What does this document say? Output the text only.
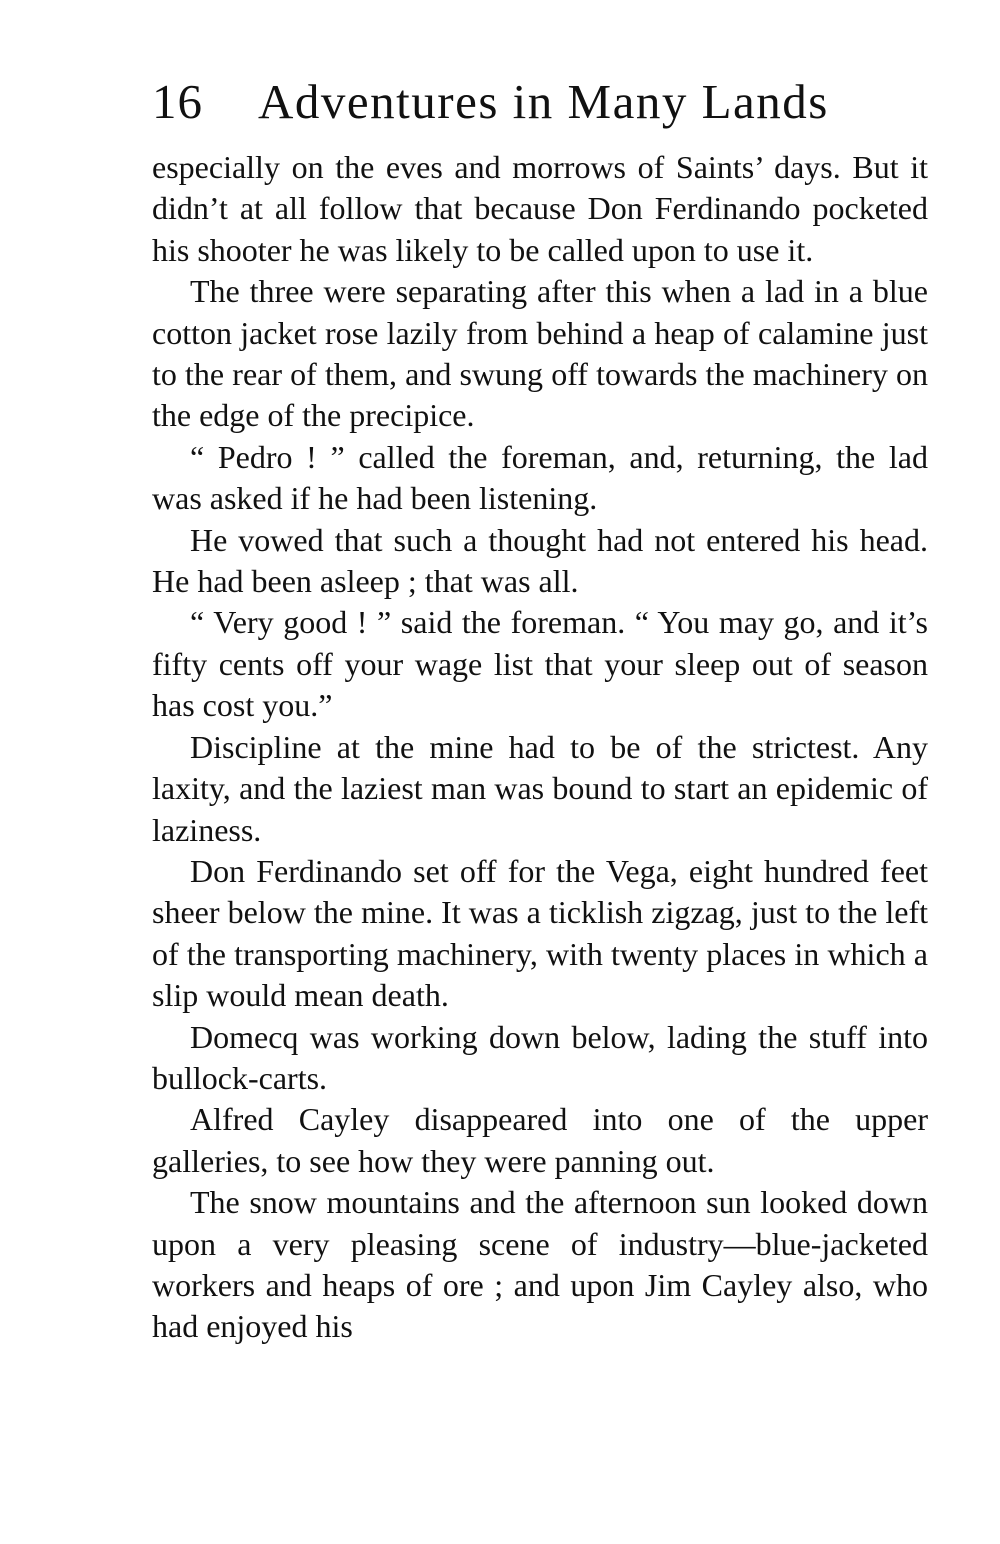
16 Adventures in Many Lands

especially on the eves and morrows of Saints’ days. But it didn’t at all follow that because Don Ferdinando pocketed his shooter he was likely to be called upon to use it.

The three were separating after this when a lad in a blue cotton jacket rose lazily from behind a heap of calamine just to the rear of them, and swung off towards the machinery on the edge of the precipice.

“ Pedro ! ” called the foreman, and, returning, the lad was asked if he had been listening.

He vowed that such a thought had not entered his head. He had been asleep ; that was all.

“ Very good ! ” said the foreman. “ You may go, and it’s fifty cents off your wage list that your sleep out of season has cost you.”

Discipline at the mine had to be of the strictest. Any laxity, and the laziest man was bound to start an epidemic of laziness.

Don Ferdinando set off for the Vega, eight hundred feet sheer below the mine. It was a ticklish zigzag, just to the left of the transporting machinery, with twenty places in which a slip would mean death.

Domecq was working down below, lading the stuff into bullock-carts.

Alfred Cayley disappeared into one of the upper galleries, to see how they were panning out.

The snow mountains and the afternoon sun looked down upon a very pleasing scene of industry—blue-jacketed workers and heaps of ore ; and upon Jim Cayley also, who had enjoyed his
